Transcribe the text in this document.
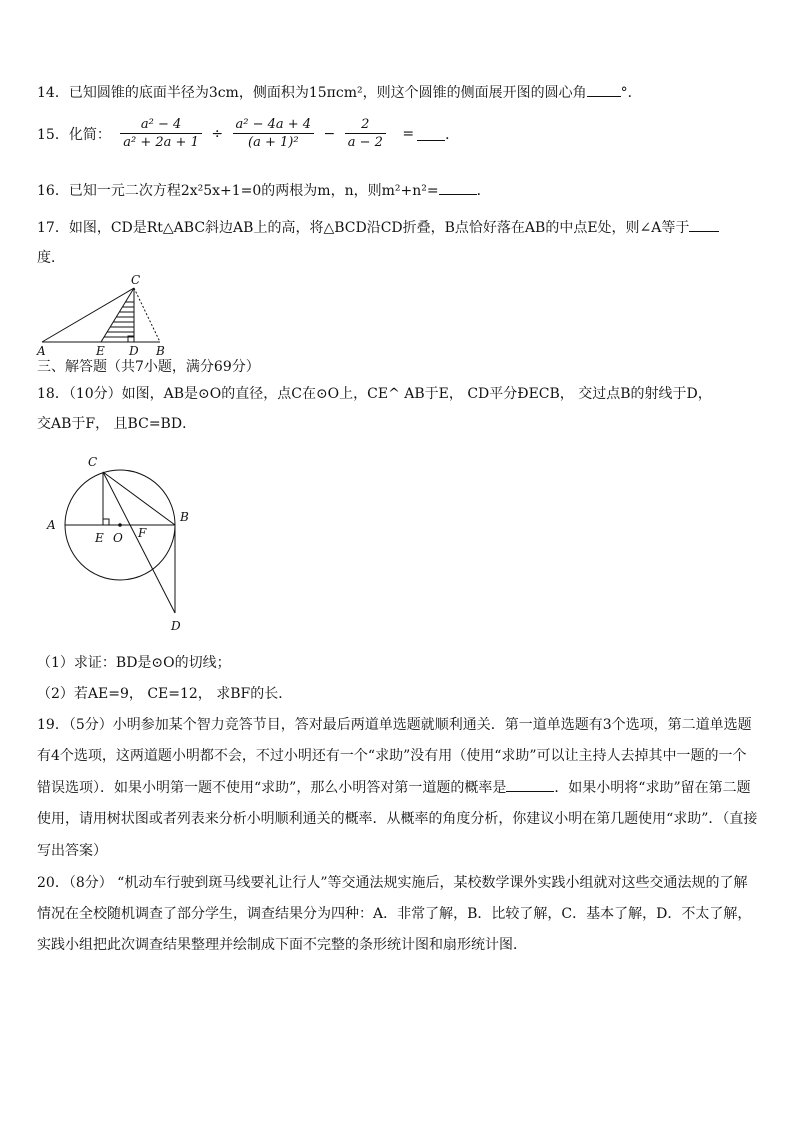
14．已知圆锥的底面半径为3cm，侧面积为15πcm²，则这个圆锥的侧面展开图的圆心角 °．
15．化简： $\frac{\text{a² − 4}}{\text{a² + 2a + 1}} \div \frac{\text{a² − 4a + 4}}{\text{(a + 1)²}} - \frac{2}{a - 2}$ = ．
16．已知一元二次方程2x²5x+1=0的两根为m，n，则m²+n²=	．
17．如图，CD是Rt△ABC斜边AB上的高，将△BCD沿CD折叠，B点恰好落在AB的中点E处，则∠A等于
度．
C
A	E D B
三、解答题（共7小题，满分69分）
18．（10分）如图，AB是⊙O的直径，点C在⊙O上，CE^ AB于E， CD平分ÐECB， 交过点B的射线于D，
交AB于F， 且BC=BD．
C
A
B
E O F
D
（1）求证：BD是⊙O的切线；
（2）若AE=9， CE=12， 求BF的长．
19．（5分）小明参加某个智力竞答节目，答对最后两道单选题就顺利通关．第一道单选题有3个选项，第二道单选题
有4个选项，这两道题小明都不会，不过小明还有一个“求助”没有用（使用“求助”可以让主持人去掉其中一题的一个
错误选项）．如果小明第一题不使用“求助”，那么小明答对第一道题的概率是	．如果小明将“求助”留在第二题
使用，请用树状图或者列表来分析小明顺利通关的概率．从概率的角度分析，你建议小明在第几题使用“求助”．（直接
写出答案）
20．（8分） “机动车行驶到斑马线要礼让行人”等交通法规实施后，某校数学课外实践小组就对这些交通法规的了解
情况在全校随机调查了部分学生，调查结果分为四种：A．非常了解，B．比较了解，C．基本了解，D．不太了解，
实践小组把此次调查结果整理并绘制成下面不完整的条形统计图和扇形统计图．
